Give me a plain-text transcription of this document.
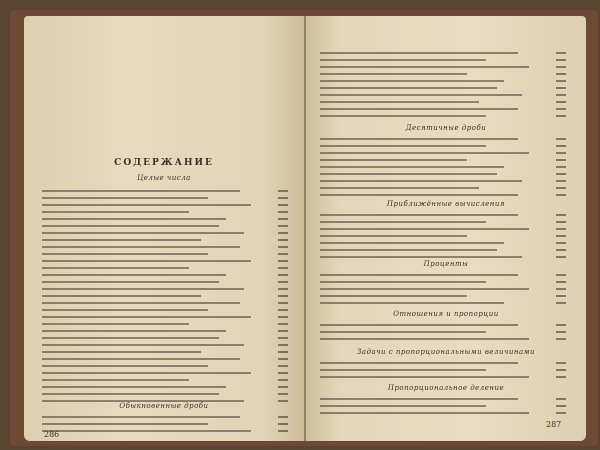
СОДЕРЖАНИЕ
Целые числа
Обыкновенные дроби
286
Десятичные дроби
Приближённые вычисления
Проценты
Отношения и пропорции
Задачи с пропорциональными величинами
Пропорциональное деление
287
